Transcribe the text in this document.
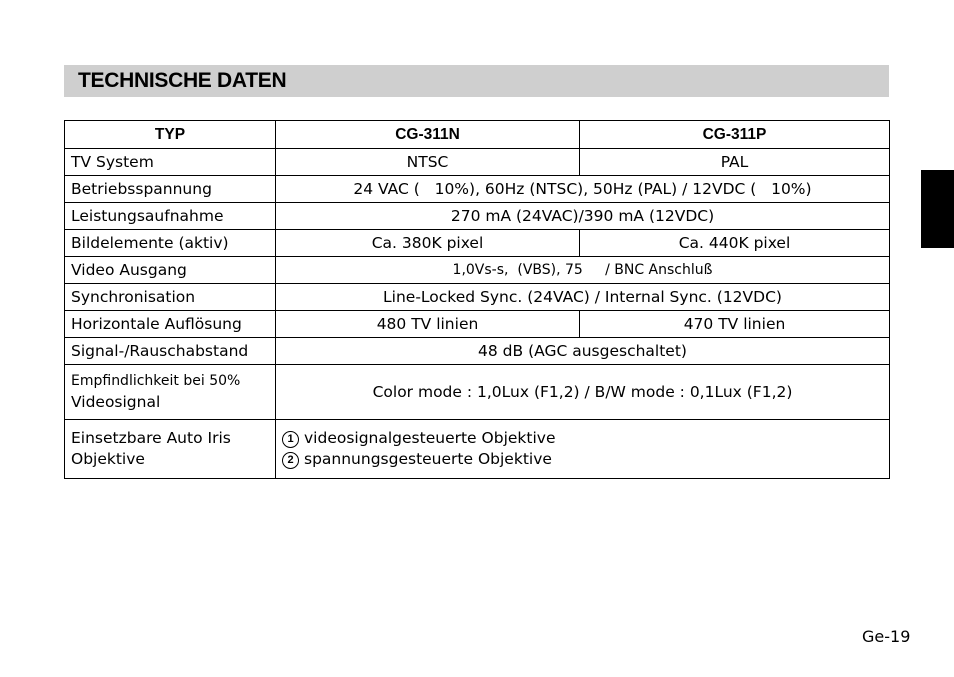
TECHNISCHE DATEN
TYP	CG-311N	CG-311P
TV System	NTSC	PAL
Betriebsspannung	24 VAC (   10%), 60Hz (NTSC), 50Hz (PAL) / 12VDC (   10%)	
Leistungsaufnahme	270 mA (24VAC)/390 mA (12VDC)	
Bildelemente (aktiv)	Ca. 380K pixel	Ca. 440K pixel
Video Ausgang	1,0Vs-s,  (VBS), 75     / BNC Anschluß	
Synchronisation	Line-Locked Sync. (24VAC) / Internal Sync. (12VDC)	
Horizontale Auflösung	480 TV linien	470 TV linien
Signal-/Rauschabstand	48 dB (AGC ausgeschaltet)	

Empfindlichkeit bei 50%
Videosignal	Color mode : 1,0Lux (F1,2) / B/W mode : 0,1Lux (F1,2)	

Einsetzbare Auto Iris
Objektive	1 videosignalgesteuerte Objektive
2 spannungsgesteuerte Objektive	
Ge-19
